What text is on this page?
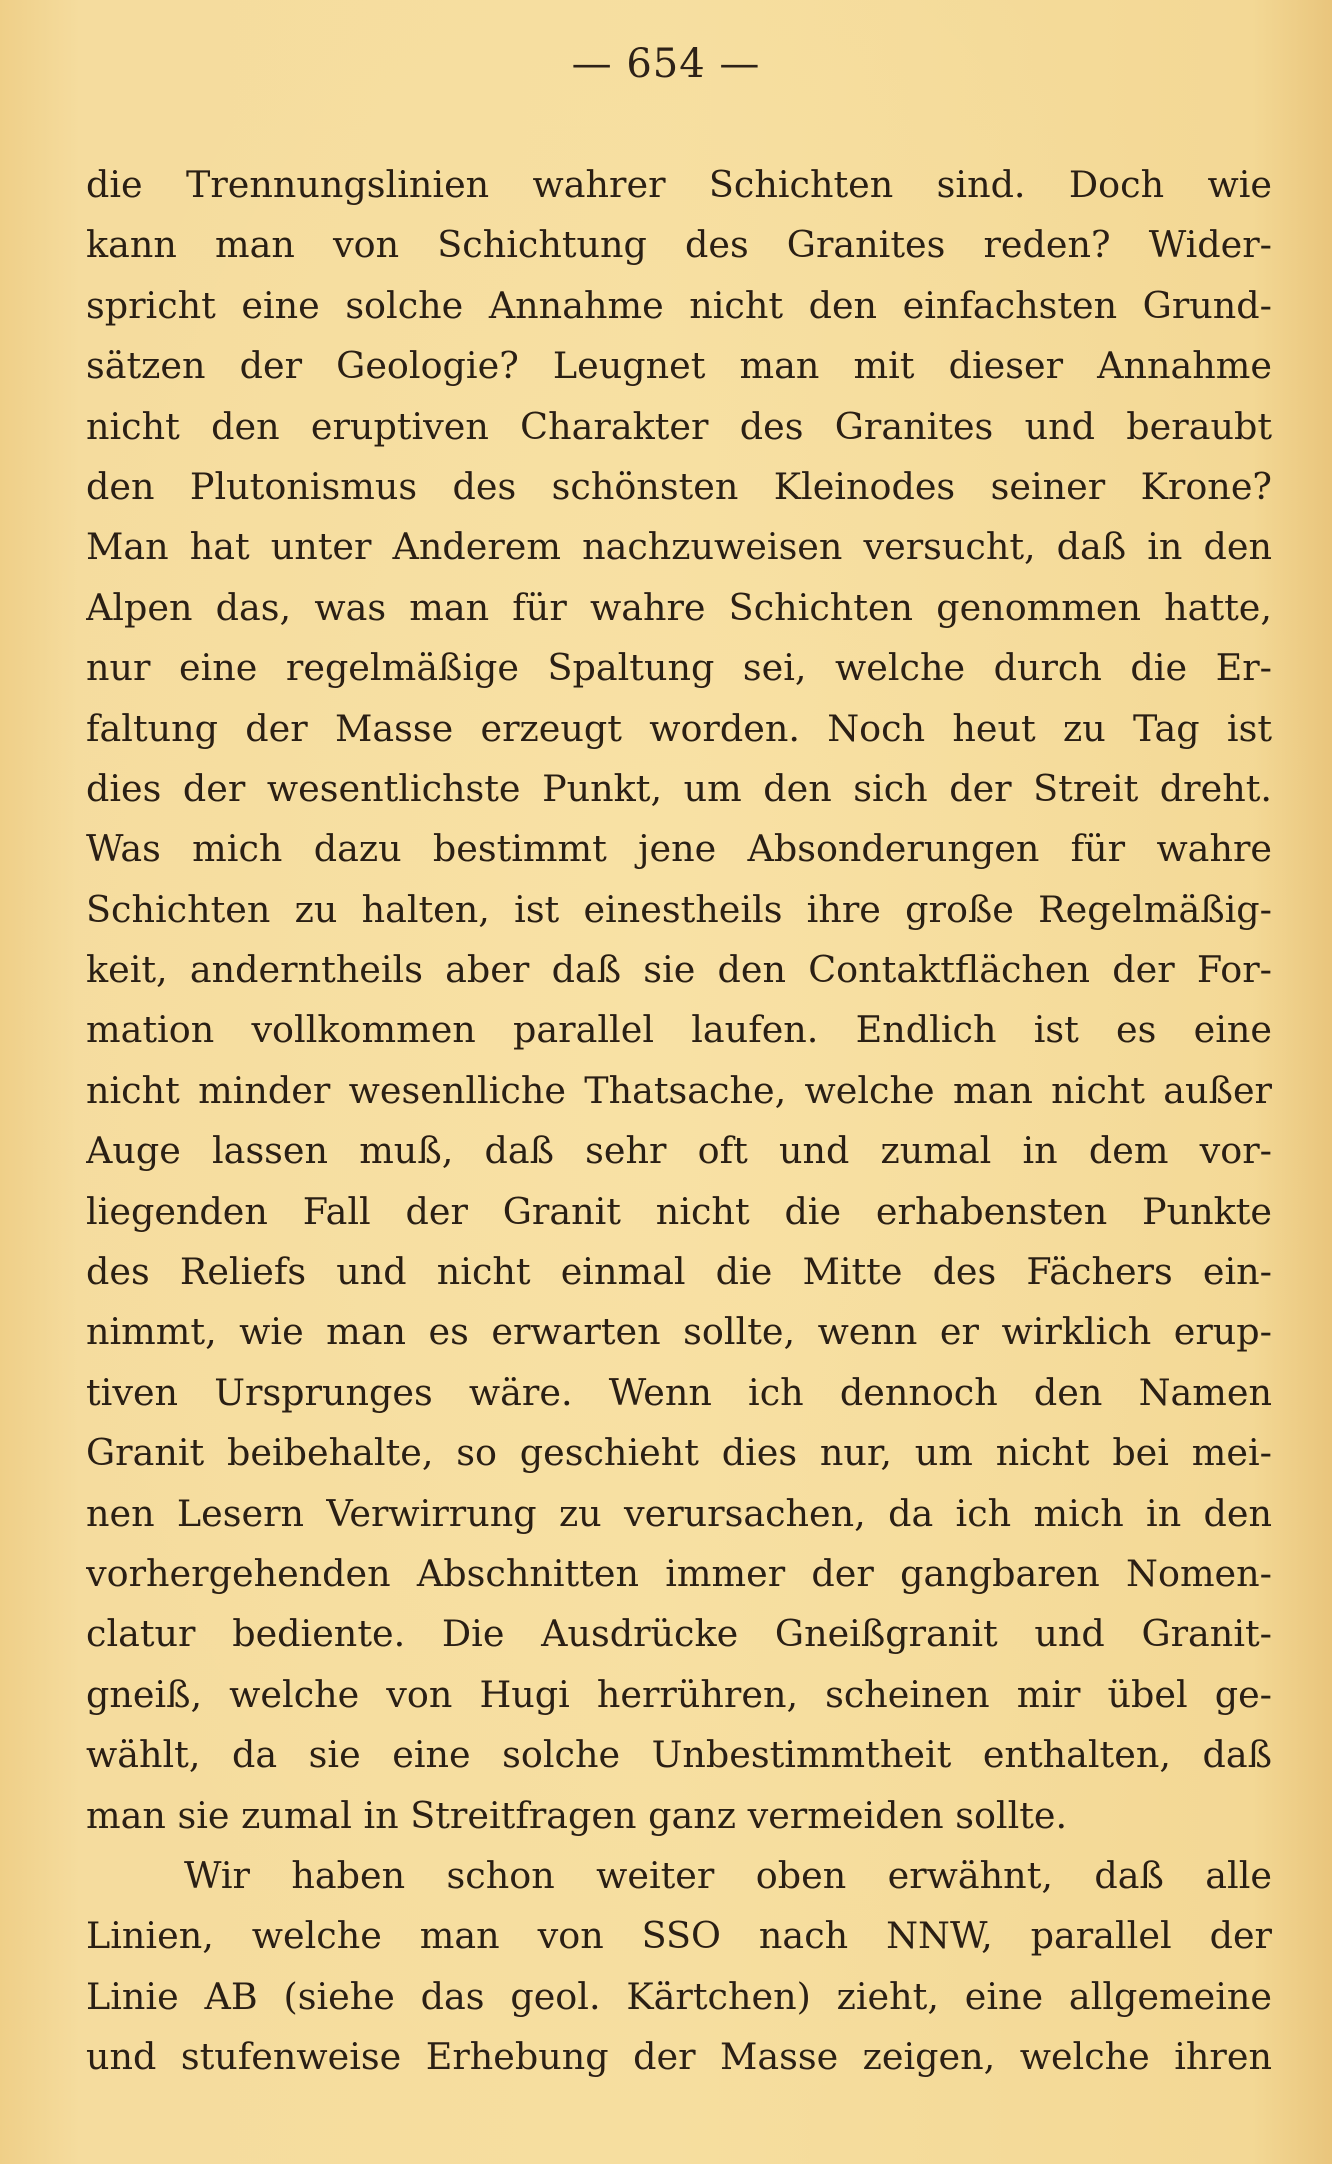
— 654 —
die Trennungslinien wahrer Schichten sind. Doch wie
kann man von Schichtung des Granites reden? Wider-
spricht eine solche Annahme nicht den einfachsten Grund-
sätzen der Geologie? Leugnet man mit dieser Annahme
nicht den eruptiven Charakter des Granites und beraubt
den Plutonismus des schönsten Kleinodes seiner Krone?
Man hat unter Anderem nachzuweisen versucht, daß in den
Alpen das, was man für wahre Schichten genommen hatte,
nur eine regelmäßige Spaltung sei, welche durch die Er-
faltung der Masse erzeugt worden. Noch heut zu Tag ist
dies der wesentlichste Punkt, um den sich der Streit dreht.
Was mich dazu bestimmt jene Absonderungen für wahre
Schichten zu halten, ist einestheils ihre große Regelmäßig-
keit, anderntheils aber daß sie den Contaktflächen der For-
mation vollkommen parallel laufen. Endlich ist es eine
nicht minder wesenlliche Thatsache, welche man nicht außer
Auge lassen muß, daß sehr oft und zumal in dem vor-
liegenden Fall der Granit nicht die erhabensten Punkte
des Reliefs und nicht einmal die Mitte des Fächers ein-
nimmt, wie man es erwarten sollte, wenn er wirklich erup-
tiven Ursprunges wäre. Wenn ich dennoch den Namen
Granit beibehalte, so geschieht dies nur, um nicht bei mei-
nen Lesern Verwirrung zu verursachen, da ich mich in den
vorhergehenden Abschnitten immer der gangbaren Nomen-
clatur bediente. Die Ausdrücke Gneißgranit und Granit-
gneiß, welche von Hugi herrühren, scheinen mir übel ge-
wählt, da sie eine solche Unbestimmtheit enthalten, daß
man sie zumal in Streitfragen ganz vermeiden sollte.
Wir haben schon weiter oben erwähnt, daß alle
Linien, welche man von SSO nach NNW, parallel der
Linie AB (siehe das geol. Kärtchen) zieht, eine allgemeine
und stufenweise Erhebung der Masse zeigen, welche ihren
